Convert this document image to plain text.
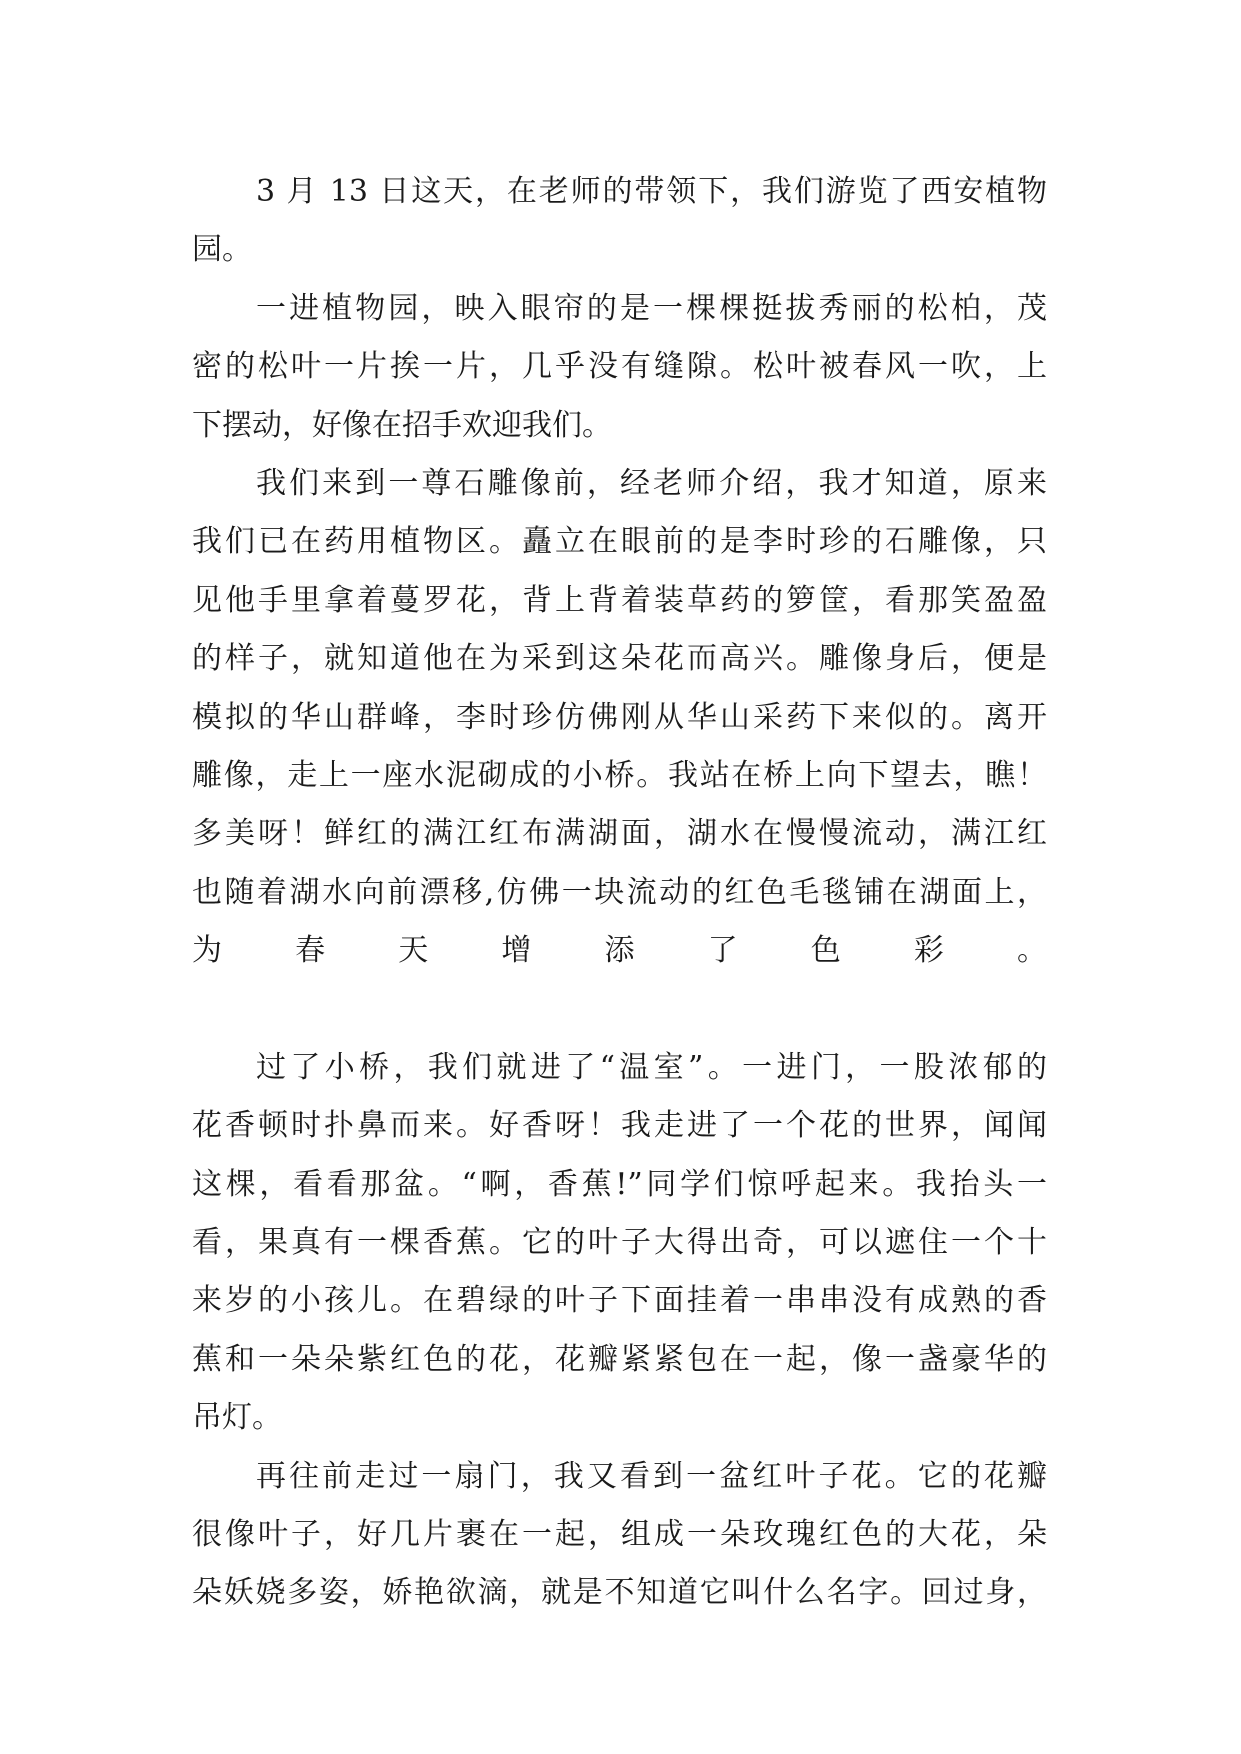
3 月 13 日这天，在老师的带领下，我们游览了西安植物
园。
一进植物园，映入眼帘的是一棵棵挺拔秀丽的松柏，茂
密的松叶一片挨一片，几乎没有缝隙。松叶被春风一吹，上
下摆动，好像在招手欢迎我们。
我们来到一尊石雕像前，经老师介绍，我才知道，原来
我们已在药用植物区。矗立在眼前的是李时珍的石雕像，只
见他手里拿着蔓罗花，背上背着装草药的箩筐，看那笑盈盈
的样子，就知道他在为采到这朵花而高兴。雕像身后，便是
模拟的华山群峰，李时珍仿佛刚从华山采药下来似的。离开
雕像，走上一座水泥砌成的小桥。我站在桥上向下望去，瞧！
多美呀！鲜红的满江红布满湖面，湖水在慢慢流动，满江红
也随着湖水向前漂移,仿佛一块流动的红色毛毯铺在湖面上，
为春天增添了色彩。
过了小桥，我们就进了“温室”。一进门，一股浓郁的
花香顿时扑鼻而来。好香呀！我走进了一个花的世界，闻闻
这棵，看看那盆。“啊，香蕉!”同学们惊呼起来。我抬头一
看，果真有一棵香蕉。它的叶子大得出奇，可以遮住一个十
来岁的小孩儿。在碧绿的叶子下面挂着一串串没有成熟的香
蕉和一朵朵紫红色的花，花瓣紧紧包在一起，像一盏豪华的
吊灯。
再往前走过一扇门，我又看到一盆红叶子花。它的花瓣
很像叶子，好几片裹在一起，组成一朵玫瑰红色的大花，朵
朵妖娆多姿，娇艳欲滴，就是不知道它叫什么名字。回过身，
